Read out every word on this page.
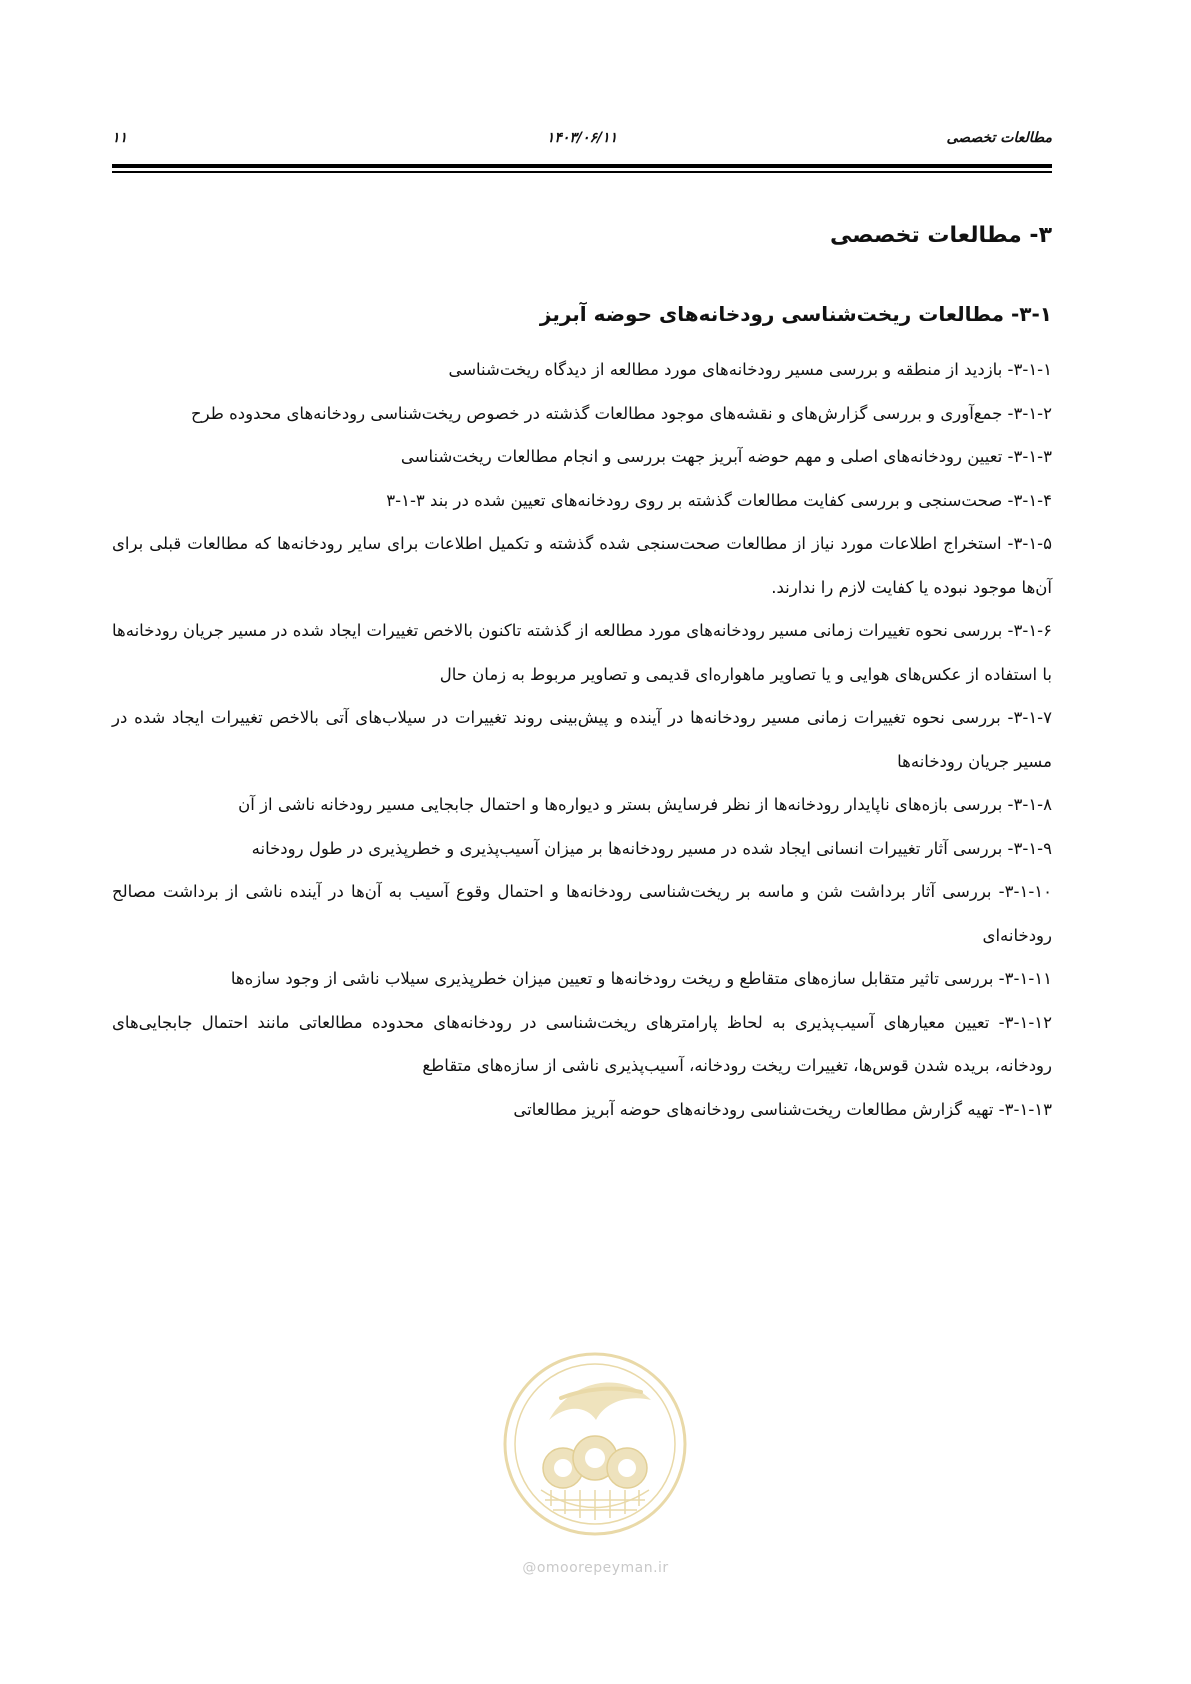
مطالعات تخصصی
۱۴۰۳/۰۶/۱۱
۱۱
۳- مطالعات تخصصی
۳-۱- مطالعات ریخت‌شناسی رودخانه‌های حوضه آبریز
۳-۱-۱- بازدید از منطقه و بررسی مسیر رودخانه‌های مورد مطالعه از دیدگاه ریخت‌شناسی
۳-۱-۲- جمع‌آوری و بررسی گزارش‌های و نقشه‌های موجود مطالعات گذشته در خصوص ریخت‌شناسی رودخانه‌های محدوده طرح
۳-۱-۳- تعیین رودخانه‌های اصلی و مهم حوضه آبریز جهت بررسی و انجام مطالعات ریخت‌شناسی
۳-۱-۴- صحت‌سنجی و بررسی کفایت مطالعات گذشته بر روی رودخانه‌های تعیین شده در بند ۳-۱-۳
۳-۱-۵- استخراج اطلاعات مورد نیاز از مطالعات صحت‌سنجی شده گذشته و تکمیل اطلاعات برای سایر رودخانه‌ها که مطالعات قبلی برای آن‌ها موجود نبوده یا کفایت لازم را ندارند.
۳-۱-۶- بررسی نحوه تغییرات زمانی مسیر رودخانه‌های مورد مطالعه از گذشته تاکنون بالاخص تغییرات ایجاد شده در مسیر جریان رودخانه‌ها با استفاده از عکس‌های هوایی و یا تصاویر ماهواره‌ای قدیمی و تصاویر مربوط به زمان حال
۳-۱-۷- بررسی نحوه تغییرات زمانی مسیر رودخانه‌ها در آینده و پیش‌بینی روند تغییرات در سیلاب‌های آتی بالاخص تغییرات ایجاد شده در مسیر جریان رودخانه‌ها
۳-۱-۸- بررسی بازه‌های ناپایدار رودخانه‌ها از نظر فرسایش بستر و دیواره‌ها و احتمال جابجایی مسیر رودخانه ناشی از آن
۳-۱-۹- بررسی آثار تغییرات انسانی ایجاد شده در مسیر رودخانه‌ها بر میزان آسیب‌پذیری و خطرپذیری در طول رودخانه
۳-۱-۱۰- بررسی آثار برداشت شن و ماسه بر ریخت‌شناسی رودخانه‌ها و احتمال وقوع آسیب به آن‌ها در آینده ناشی از برداشت مصالح رودخانه‌ای
۳-۱-۱۱- بررسی تاثیر متقابل سازه‌های متقاطع و ریخت رودخانه‌ها و تعیین میزان خطرپذیری سیلاب ناشی از وجود سازه‌ها
۳-۱-۱۲- تعیین معیارهای آسیب‌پذیری به لحاظ پارامترهای ریخت‌شناسی در رودخانه‌های محدوده مطالعاتی مانند احتمال جابجایی‌های رودخانه، بریده شدن قوس‌ها، تغییرات ریخت رودخانه، آسیب‌پذیری ناشی از سازه‌های متقاطع
۳-۱-۱۳- تهیه گزارش مطالعات ریخت‌شناسی رودخانه‌های حوضه آبریز مطالعاتی
@omoorepeyman.ir
